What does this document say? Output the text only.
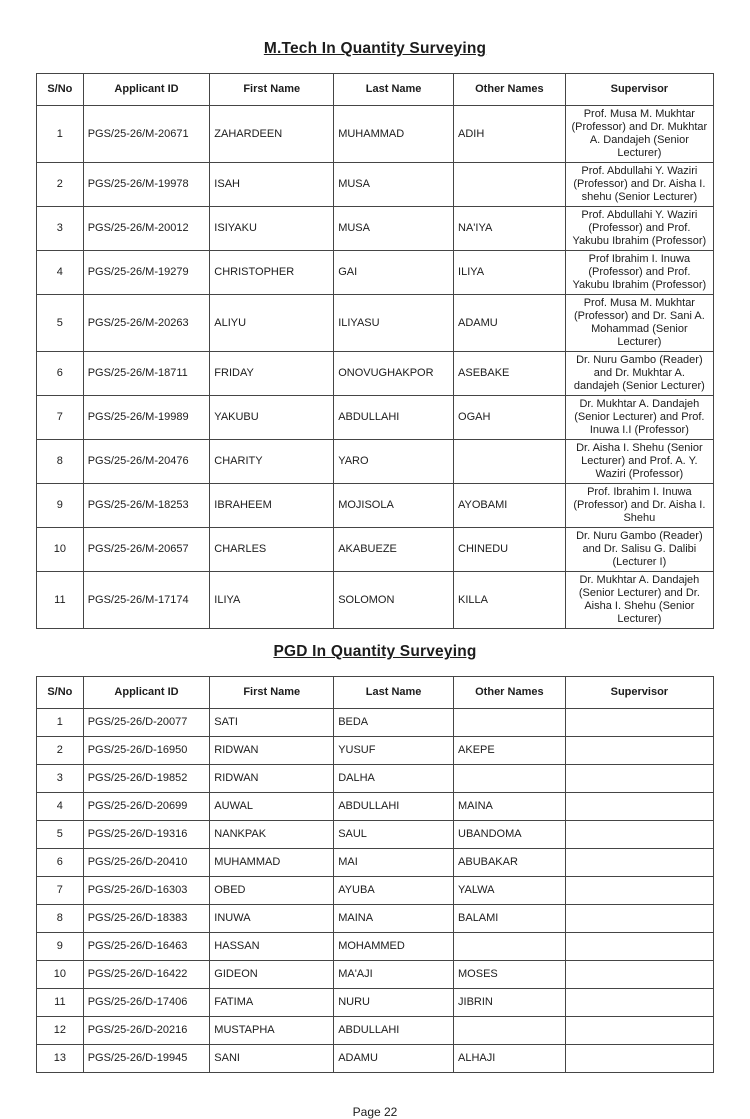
M.Tech In Quantity Surveying
S/No	Applicant ID	First Name	Last Name	Other Names	Supervisor
1	PGS/25-26/M-20671	ZAHARDEEN	MUHAMMAD	ADIH	Prof. Musa M. Mukhtar (Professor) and Dr. Mukhtar A. Dandajeh (Senior Lecturer)
2	PGS/25-26/M-19978	ISAH	MUSA		Prof. Abdullahi Y. Waziri (Professor) and Dr. Aisha I. shehu (Senior Lecturer)
3	PGS/25-26/M-20012	ISIYAKU	MUSA	NA'IYA	Prof. Abdullahi Y. Waziri (Professor) and Prof. Yakubu Ibrahim (Professor)
4	PGS/25-26/M-19279	CHRISTOPHER	GAI	ILIYA	Prof Ibrahim I. Inuwa (Professor) and Prof. Yakubu Ibrahim (Professor)
5	PGS/25-26/M-20263	ALIYU	ILIYASU	ADAMU	Prof. Musa M. Mukhtar (Professor) and Dr. Sani A. Mohammad (Senior Lecturer)
6	PGS/25-26/M-18711	FRIDAY	ONOVUGHAKPOR	ASEBAKE	Dr. Nuru Gambo (Reader) and Dr. Mukhtar A. dandajeh (Senior Lecturer)
7	PGS/25-26/M-19989	YAKUBU	ABDULLAHI	OGAH	Dr. Mukhtar A. Dandajeh (Senior Lecturer) and Prof. Inuwa I.I (Professor)
8	PGS/25-26/M-20476	CHARITY	YARO		Dr. Aisha I. Shehu (Senior Lecturer) and Prof. A. Y. Waziri (Professor)
9	PGS/25-26/M-18253	IBRAHEEM	MOJISOLA	AYOBAMI	Prof. Ibrahim I. Inuwa (Professor) and Dr. Aisha I. Shehu
10	PGS/25-26/M-20657	CHARLES	AKABUEZE	CHINEDU	Dr. Nuru Gambo (Reader) and Dr. Salisu G. Dalibi (Lecturer I)
11	PGS/25-26/M-17174	ILIYA	SOLOMON	KILLA	Dr. Mukhtar A. Dandajeh (Senior Lecturer) and Dr. Aisha I. Shehu (Senior Lecturer)
PGD In Quantity Surveying
S/No	Applicant ID	First Name	Last Name	Other Names	Supervisor
1	PGS/25-26/D-20077	SATI	BEDA		
2	PGS/25-26/D-16950	RIDWAN	YUSUF	AKEPE	
3	PGS/25-26/D-19852	RIDWAN	DALHA		
4	PGS/25-26/D-20699	AUWAL	ABDULLAHI	MAINA	
5	PGS/25-26/D-19316	NANKPAK	SAUL	UBANDOMA	
6	PGS/25-26/D-20410	MUHAMMAD	MAI	ABUBAKAR	
7	PGS/25-26/D-16303	OBED	AYUBA	YALWA	
8	PGS/25-26/D-18383	INUWA	MAINA	BALAMI	
9	PGS/25-26/D-16463	HASSAN	MOHAMMED		
10	PGS/25-26/D-16422	GIDEON	MA'AJI	MOSES	
11	PGS/25-26/D-17406	FATIMA	NURU	JIBRIN	
12	PGS/25-26/D-20216	MUSTAPHA	ABDULLAHI		
13	PGS/25-26/D-19945	SANI	ADAMU	ALHAJI	
Page 22
